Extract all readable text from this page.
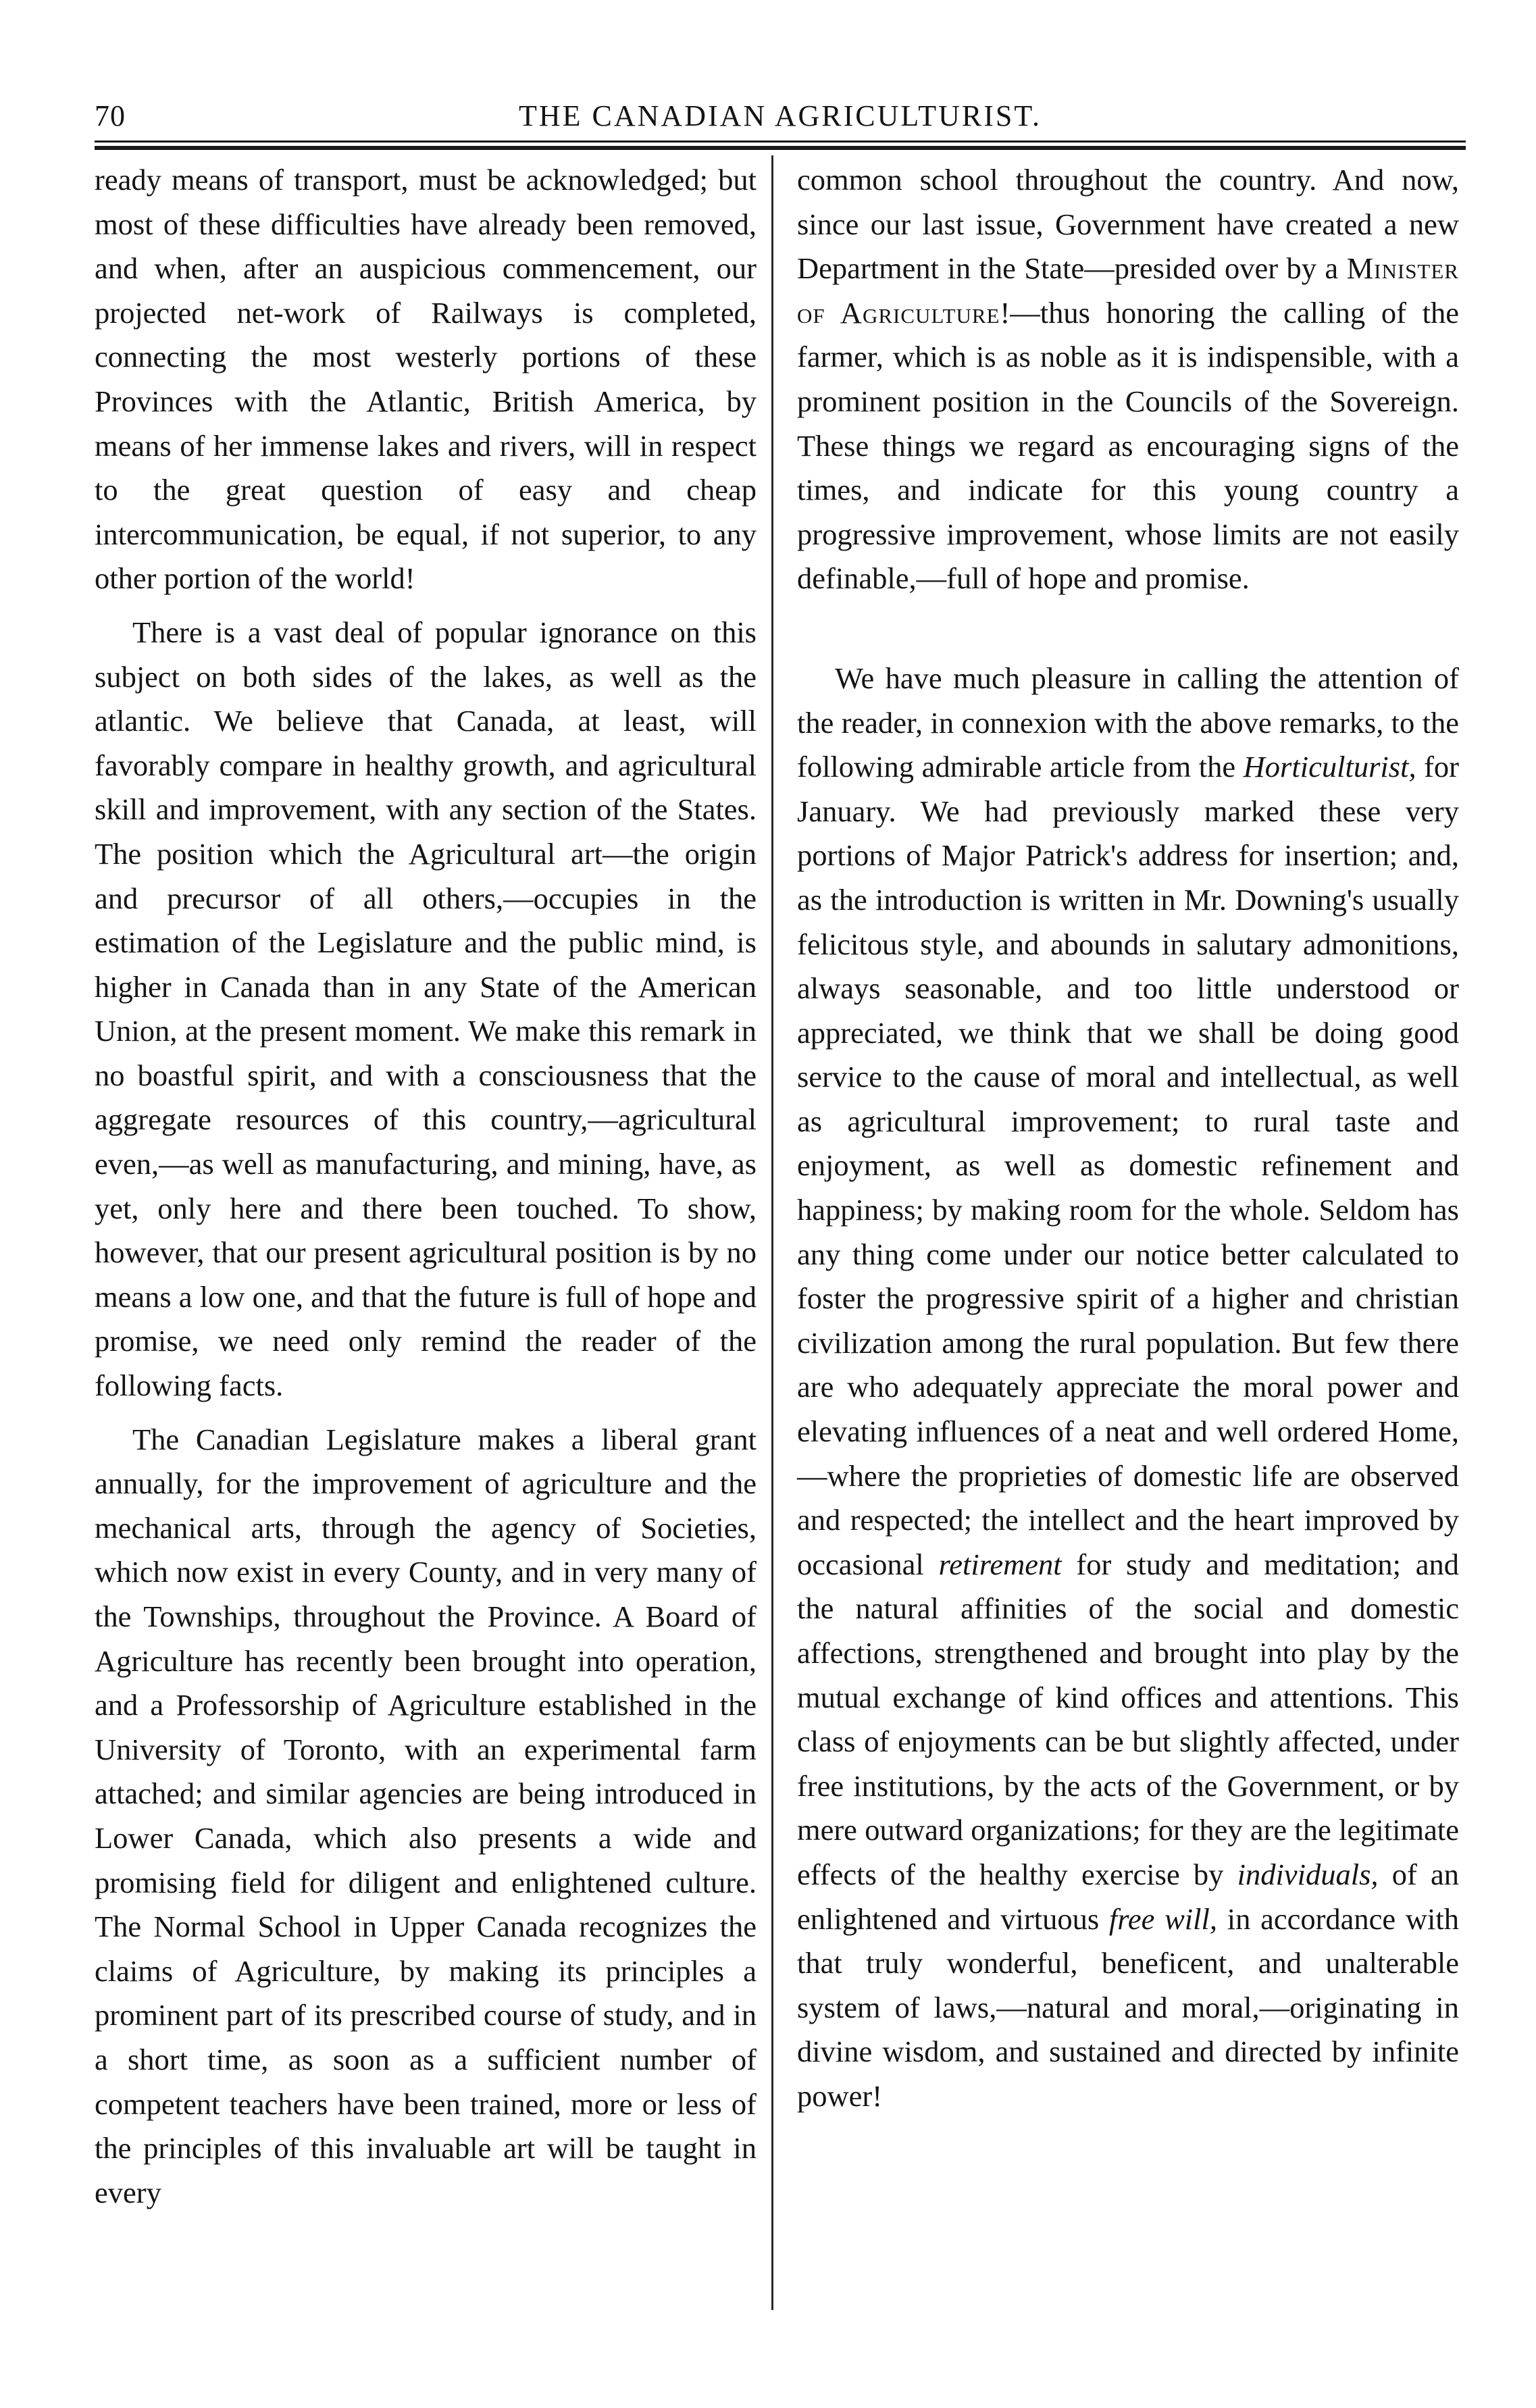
70	THE CANADIAN AGRICULTURIST.

ready means of transport, must be acknowledged; but most of these difficulties have already been removed, and when, after an auspicious commencement, our projected net-work of Railways is completed, connecting the most westerly portions of these Provinces with the Atlantic, British America, by means of her immense lakes and rivers, will in respect to the great question of easy and cheap intercommunication, be equal, if not superior, to any other portion of the world!

There is a vast deal of popular ignorance on this subject on both sides of the lakes, as well as the atlantic. We believe that Canada, at least, will favorably compare in healthy growth, and agricultural skill and improvement, with any section of the States. The position which the Agricultural art—the origin and precursor of all others,—occupies in the estimation of the Legislature and the public mind, is higher in Canada than in any State of the American Union, at the present moment. We make this remark in no boastful spirit, and with a consciousness that the aggregate resources of this country,—agricultural even,—as well as manufacturing, and mining, have, as yet, only here and there been touched. To show, however, that our present agricultural position is by no means a low one, and that the future is full of hope and promise, we need only remind the reader of the following facts.

The Canadian Legislature makes a liberal grant annually, for the improvement of agriculture and the mechanical arts, through the agency of Societies, which now exist in every County, and in very many of the Townships, throughout the Province. A Board of Agriculture has recently been brought into operation, and a Professorship of Agriculture established in the University of Toronto, with an experimental farm attached; and similar agencies are being introduced in Lower Canada, which also presents a wide and promising field for diligent and enlightened culture. The Normal School in Upper Canada recognizes the claims of Agriculture, by making its principles a prominent part of its prescribed course of study, and in a short time, as soon as a sufficient number of competent teachers have been trained, more or less of the principles of this invaluable art will be taught in every

common school throughout the country. And now, since our last issue, Government have created a new Department in the State—presided over by a Minister of Agriculture!—thus honoring the calling of the farmer, which is as noble as it is indispensible, with a prominent position in the Councils of the Sovereign. These things we regard as encouraging signs of the times, and indicate for this young country a progressive improvement, whose limits are not easily definable,—full of hope and promise.

We have much pleasure in calling the attention of the reader, in connexion with the above remarks, to the following admirable article from the Horticulturist, for January. We had previously marked these very portions of Major Patrick's address for insertion; and, as the introduction is written in Mr. Downing's usually felicitous style, and abounds in salutary admonitions, always seasonable, and too little understood or appreciated, we think that we shall be doing good service to the cause of moral and intellectual, as well as agricultural improvement; to rural taste and enjoyment, as well as domestic refinement and happiness; by making room for the whole. Seldom has any thing come under our notice better calculated to foster the progressive spirit of a higher and christian civilization among the rural population. But few there are who adequately appreciate the moral power and elevating influences of a neat and well ordered Home,—where the proprieties of domestic life are observed and respected; the intellect and the heart improved by occasional retirement for study and meditation; and the natural affinities of the social and domestic affections, strengthened and brought into play by the mutual exchange of kind offices and attentions. This class of enjoyments can be but slightly affected, under free institutions, by the acts of the Government, or by mere outward organizations; for they are the legitimate effects of the healthy exercise by individuals, of an enlightened and virtuous free will, in accordance with that truly wonderful, beneficent, and unalterable system of laws,—natural and moral,—originating in divine wisdom, and sustained and directed by infinite power!
